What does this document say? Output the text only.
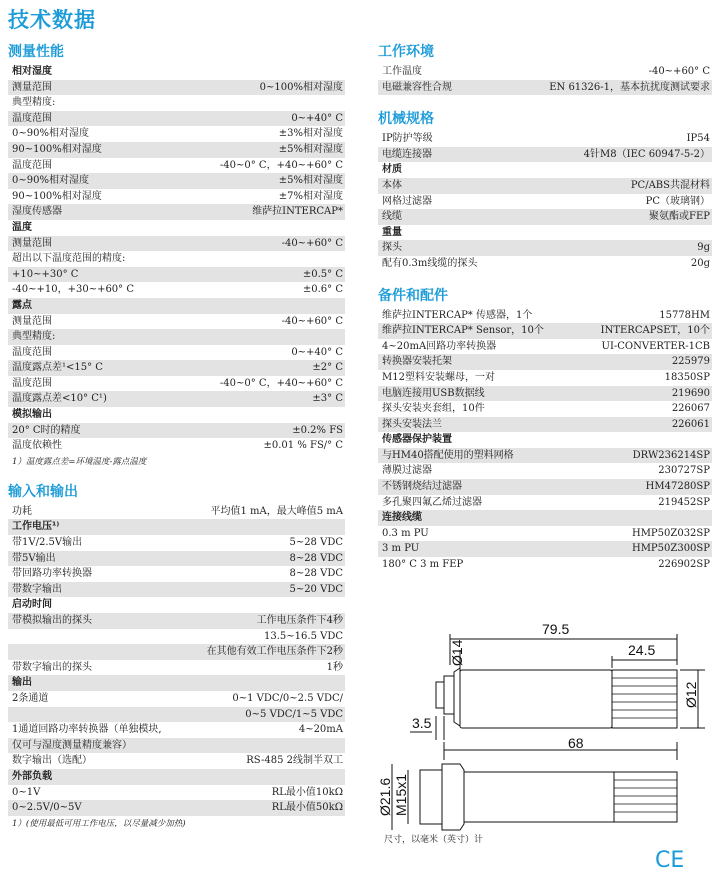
技术数据
测量性能
相对湿度
测量范围	0~100%相对湿度
典型精度:
温度范围	0~+40° C
0~90%相对湿度	±3%相对湿度
90~100%相对湿度	±5%相对湿度
温度范围	-40~0° C，+40~+60° C
0~90%相对湿度	±5%相对湿度
90~100%相对湿度	±7%相对湿度
湿度传感器	维萨拉INTERCAP*
温度
测量范围	-40~+60° C
超出以下温度范围的精度:
+10~+30° C	±0.5° C
-40~+10，+30~+60° C	±0.6° C
露点
测量范围	-40~+60° C
典型精度:
温度范围	0~+40° C
温度露点差¹<15° C	±2° C
温度范围	-40~0° C，+40~+60° C
温度露点差<10° C¹)	±3° C
模拟输出
20° C时的精度	±0.2% FS
温度依赖性	±0.01 % FS/° C
1）温度露点差=环境温度-露点温度
输入和输出
功耗	平均值1 mA，最大峰值5 mA
工作电压¹⁾
带1V/2.5V输出	5~28 VDC
带5V输出	8~28 VDC
带回路功率转换器	8~28 VDC
带数字输出	5~20 VDC
启动时间
带模拟输出的探头	工作电压条件下4秒
13.5~16.5 VDC
在其他有效工作电压条件下2秒
带数字输出的探头	1秒
输出
2条通道	0~1 VDC/0~2.5 VDC/
0~5 VDC/1~5 VDC
1通道回路功率转换器（单独模块,	4~20mA
仅可与湿度测量精度兼容）
数字输出（选配）	RS-485 2线制半双工
外部负载
0~1V	RL最小值10kΩ
0~2.5V/0~5V	RL最小值50kΩ
1）(使用最低可用工作电压，以尽量减少加热)
工作环境
工作温度	-40~+60° C
电磁兼容性合规	EN 61326-1，基本抗扰度测试要求
机械规格
IP防护等级	IP54
电缆连接器	4针M8（IEC 60947-5-2）
材质
本体	PC/ABS共混材料
网格过滤器	PC（玻璃钢）
线缆	聚氨酯或FEP
重量
探头	9g
配有0.3m线缆的探头	20g
备件和配件
维萨拉INTERCAP* 传感器，1个	15778HM
维萨拉INTERCAP* Sensor，10个	INTERCAPSET，10个
4~20mA回路功率转换器	UI-CONVERTER-1CB
转换器安装托架	225979
M12塑料安装螺母，一对	18350SP
电脑连接用USB数据线	219690
探头安装夹套组，10件	226067
探头安装法兰	226061
传感器保护装置
与HM40搭配使用的塑料网格	DRW236214SP
薄膜过滤器	230727SP
不锈钢烧结过滤器	HM47280SP
多孔聚四氟乙烯过滤器	219452SP
连接线缆
0.3 m PU	HMP50Z032SP
3 m PU	HMP50Z300SP
180° C 3 m FEP	226902SP
79.5
24.5
Ø14
Ø12
3.5
68
Ø21.6 M15x1
尺寸，以毫米（英寸）计
CE
